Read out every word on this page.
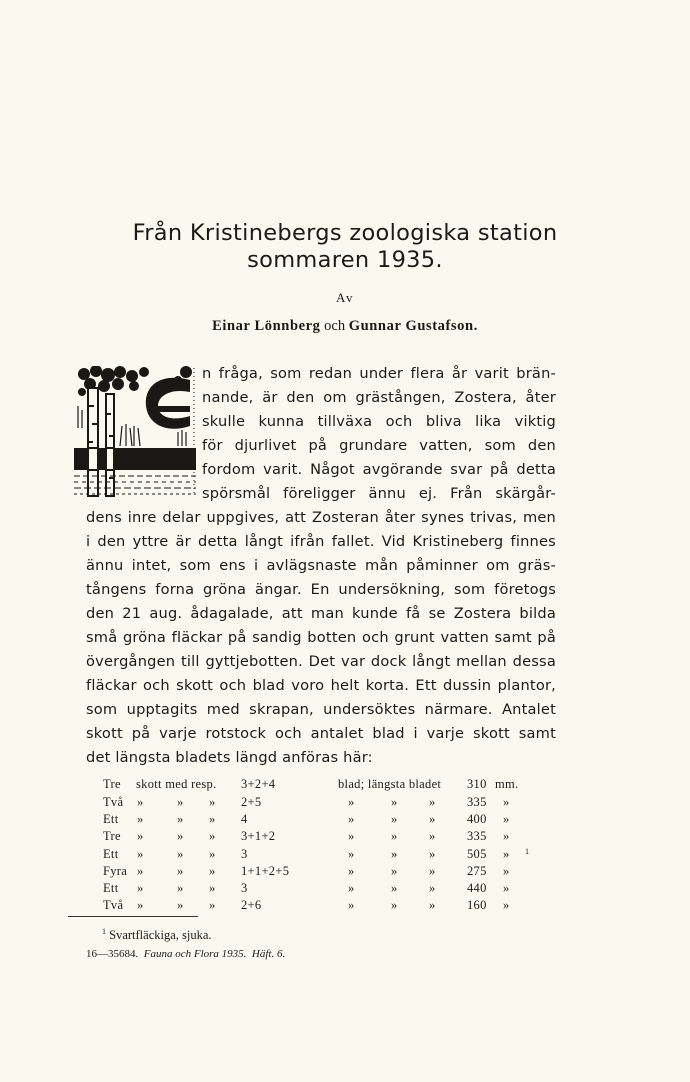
Från Kristinebergs zoologiska station
sommaren 1935.
Av
Einar Lönnberg och Gunnar Gustafson.
n fråga, som redan under flera år varit brän-
nande, är den om grästången, Zostera, åter
skulle kunna tillväxa och bliva lika viktig
för djurlivet på grundare vatten, som den
fordom varit. Något avgörande svar på detta
spörsmål föreligger ännu ej. Från skärgår-
dens inre delar uppgives, att Zosteran åter synes trivas, men
i den yttre är detta långt ifrån fallet. Vid Kristineberg finnes
ännu intet, som ens i avlägsnaste mån påminner om gräs-
tångens forna gröna ängar. En undersökning, som företogs
den 21 aug. ådagalade, att man kunde få se Zostera bilda
små gröna fläckar på sandig botten och grunt vatten samt på
övergången till gyttjebotten. Det var dock långt mellan dessa
fläckar och skott och blad voro helt korta. Ett dussin plantor,
som upptagits med skrapan, undersöktes närmare. Antalet
skott på varje rotstock och antalet blad i varje skott samt
det längsta bladets längd anföras här:
Tre skott med resp. 3+2+4	blad; längsta bladet 310 mm.
Två »	» » 2+5	»	»	»	335 »
Ett »	» » 4	»	»	»	400 »
Tre »	» » 3+1+2	»	»	»	335 »
Ett »	» » 3	»	»	»	505 » 1
Fyra »	» » 1+1+2+5	»	»	»	275 »
Ett »	» » 3	»	»	»	440 »
Två »	» » 2+6	»	»	»	160 »
$^1$ Svartfläckiga, sjuka.
16—35684. Fauna och Flora 1935. Häft. 6.
